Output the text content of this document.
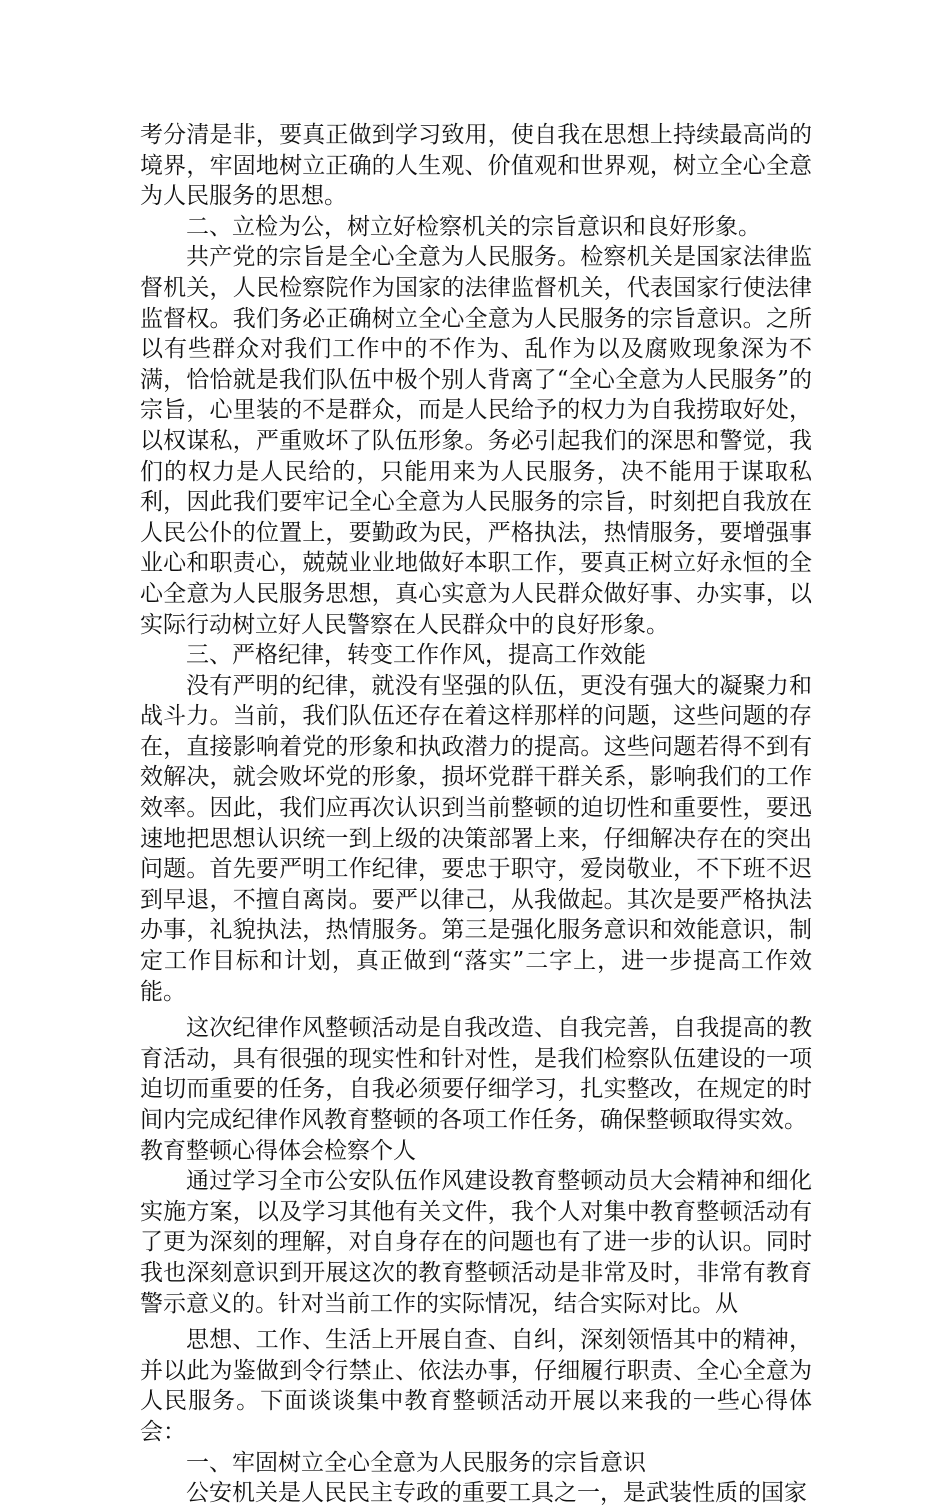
考分清是非，要真正做到学习致用，使自我在思想上持续最高尚的境界，牢固地树立正确的人生观、价值观和世界观，树立全心全意为人民服务的思想。

二、立检为公，树立好检察机关的宗旨意识和良好形象。

共产党的宗旨是全心全意为人民服务。检察机关是国家法律监督机关，人民检察院作为国家的法律监督机关，代表国家行使法律监督权。我们务必正确树立全心全意为人民服务的宗旨意识。之所以有些群众对我们工作中的不作为、乱作为以及腐败现象深为不满，恰恰就是我们队伍中极个别人背离了“全心全意为人民服务”的宗旨，心里装的不是群众，而是人民给予的权力为自我捞取好处，以权谋私，严重败坏了队伍形象。务必引起我们的深思和警觉，我们的权力是人民给的，只能用来为人民服务，决不能用于谋取私利，因此我们要牢记全心全意为人民服务的宗旨，时刻把自我放在人民公仆的位置上，要勤政为民，严格执法，热情服务，要增强事业心和职责心，兢兢业业地做好本职工作，要真正树立好永恒的全心全意为人民服务思想，真心实意为人民群众做好事、办实事，以实际行动树立好人民警察在人民群众中的良好形象。

三、严格纪律，转变工作作风，提高工作效能

没有严明的纪律，就没有坚强的队伍，更没有强大的凝聚力和战斗力。当前，我们队伍还存在着这样那样的问题，这些问题的存在，直接影响着党的形象和执政潜力的提高。这些问题若得不到有效解决，就会败坏党的形象，损坏党群干群关系，影响我们的工作效率。因此，我们应再次认识到当前整顿的迫切性和重要性，要迅速地把思想认识统一到上级的决策部署上来，仔细解决存在的突出问题。首先要严明工作纪律，要忠于职守，爱岗敬业，不下班不迟到早退，不擅自离岗。要严以律己，从我做起。其次是要严格执法办事，礼貌执法，热情服务。第三是强化服务意识和效能意识，制定工作目标和计划，真正做到“落实”二字上，进一步提高工作效能。

这次纪律作风整顿活动是自我改造、自我完善，自我提高的教育活动，具有很强的现实性和针对性，是我们检察队伍建设的一项迫切而重要的任务，自我必须要仔细学习，扎实整改，在规定的时间内完成纪律作风教育整顿的各项工作任务，确保整顿取得实效。

教育整顿心得体会检察个人

通过学习全市公安队伍作风建设教育整顿动员大会精神和细化实施方案，以及学习其他有关文件，我个人对集中教育整顿活动有了更为深刻的理解，对自身存在的问题也有了进一步的认识。同时我也深刻意识到开展这次的教育整顿活动是非常及时，非常有教育警示意义的。针对当前工作的实际情况，结合实际对比。从

思想、工作、生活上开展自查、自纠，深刻领悟其中的精神，并以此为鉴做到令行禁止、依法办事，仔细履行职责、全心全意为人民服务。下面谈谈集中教育整顿活动开展以来我的一些心得体会：

一、牢固树立全心全意为人民服务的宗旨意识

公安机关是人民民主专政的重要工具之一，是武装性质的国家
